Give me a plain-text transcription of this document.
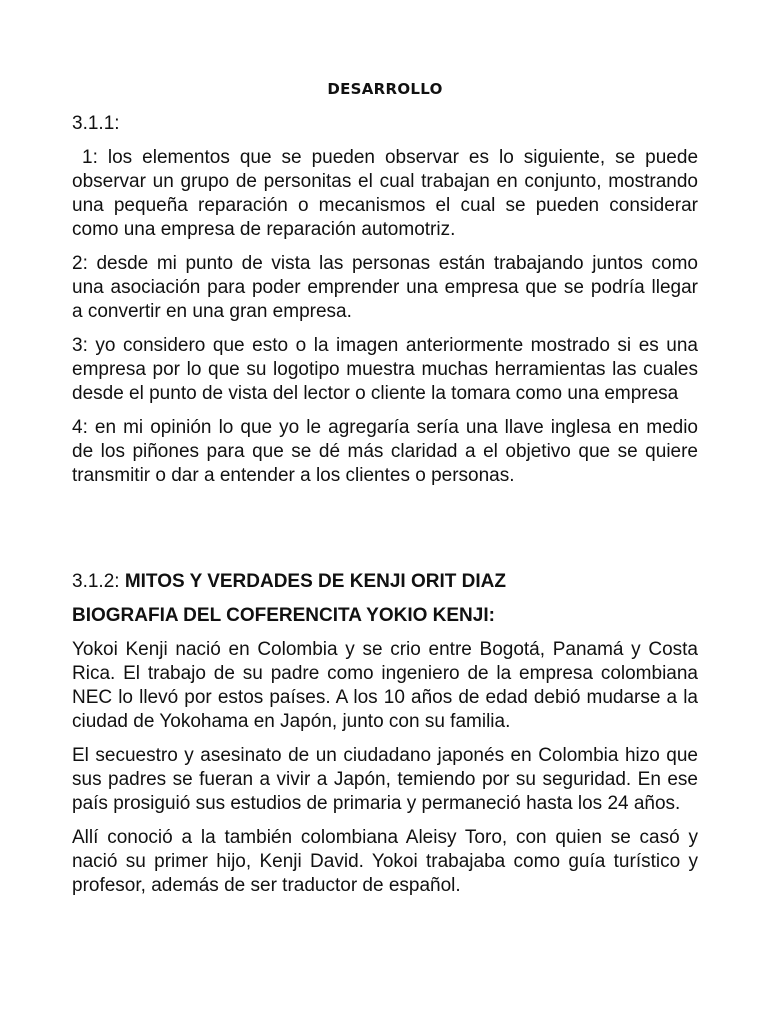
DESARROLLO
3.1.1:
1: los elementos que se pueden observar es lo siguiente, se puede observar un grupo de personitas el cual trabajan en conjunto, mostrando una pequeña reparación o mecanismos el cual se pueden considerar como una empresa de reparación automotriz.
2: desde mi punto de vista las personas están trabajando juntos como una asociación para poder emprender una empresa que se podría llegar a convertir en una gran empresa.
3: yo considero que esto o la imagen anteriormente mostrado si es una empresa por lo que su logotipo muestra muchas herramientas las cuales desde el punto de vista del lector o cliente la tomara como una empresa
4: en mi opinión lo que yo le agregaría sería una llave inglesa en medio de los piñones para que se dé más claridad a el objetivo que se quiere transmitir o dar a entender a los clientes o personas.
3.1.2: MITOS Y VERDADES DE KENJI ORIT DIAZ
BIOGRAFIA DEL COFERENCITA YOKIO KENJI:
Yokoi Kenji nació en Colombia y se crio entre Bogotá, Panamá y Costa Rica. El trabajo de su padre como ingeniero de la empresa colombiana NEC lo llevó por estos países. A los 10 años de edad debió mudarse a la ciudad de Yokohama en Japón, junto con su familia.
El secuestro y asesinato de un ciudadano japonés en Colombia hizo que sus padres se fueran a vivir a Japón, temiendo por su seguridad. En ese país prosiguió sus estudios de primaria y permaneció hasta los 24 años.
Allí conoció a la también colombiana Aleisy Toro, con quien se casó y nació su primer hijo, Kenji David. Yokoi trabajaba como guía turístico y profesor, además de ser traductor de español.
